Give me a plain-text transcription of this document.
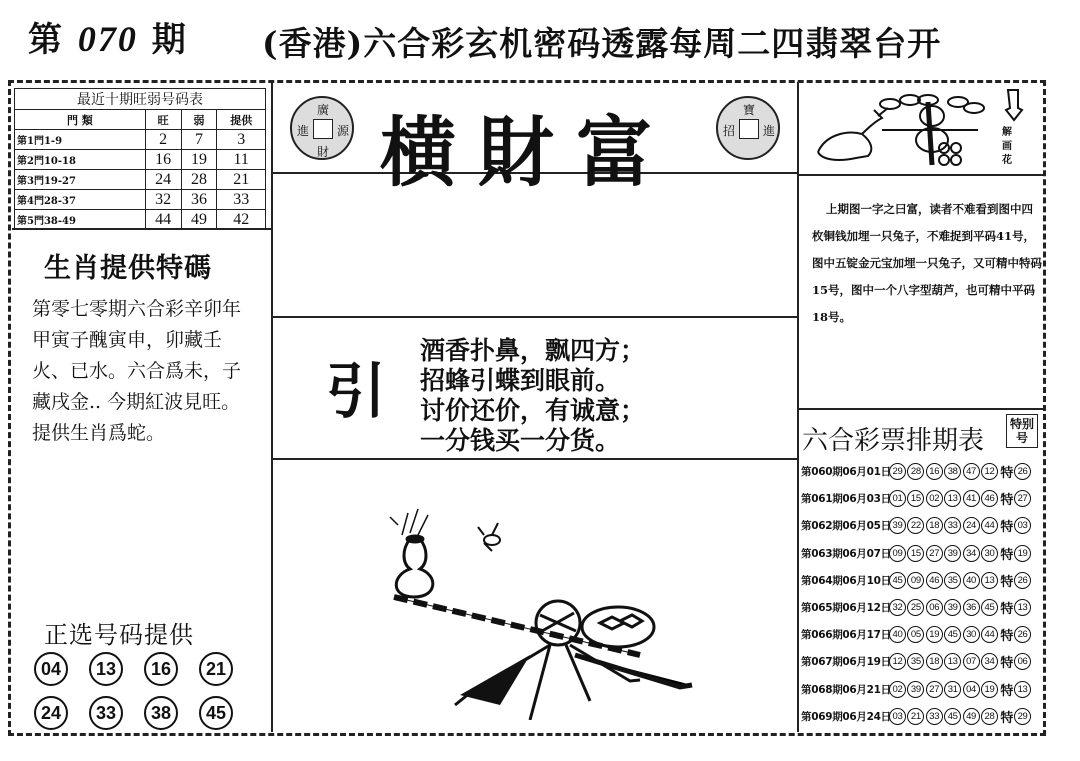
第 070 期 (香港)六合彩玄机密码透露每周二四翡翠台开
最近十期旺弱号码表			
門 類	旺	弱	提供
第1門1-9	2	7	3
第2門10-18	16	19	11
第3門19-27	24	28	21
第4門28-37	32	36	33
第5門38-49	44	49	42
生肖提供特碼
第零七零期六合彩辛卯年甲寅子醜寅申，卯藏壬火、已水。六合爲未，子藏戌金.. 今期紅波見旺。提供生肖爲蛇。
正选号码提供
04	13	16	21
24	33	38	45
廣
進 源
財 横財富	寶
招 進
引
酒香扑鼻，飘四方；
招蜂引蝶到眼前。
讨价还价，有诚意；
一分钱买一分货。
解画花
上期图一字之曰富，读者不难看到图中四枚铜钱加埋一只兔子，不难捉到平码41号，图中五锭金元宝加埋一只兔子，又可精中特码15号，图中一个八字型葫芦，也可精中平码18号。
六合彩票排期表
特别号
第060期06月01日 29 28 16 38 47 12 特 26
第061期06月03日 01 15 02 13 41 46 特 27
第062期06月05日 39 22 18 33 24 44 特 03
第063期06月07日 09 15 27 39 34 30 特 19
第064期06月10日 45 09 46 35 40 13 特 26
第065期06月12日 32 25 06 39 36 45 特 13
第066期06月17日 40 05 19 45 30 44 特 26
第067期06月19日 12 35 18 13 07 34 特 06
第068期06月21日 02 39 27 31 04 19 特 13
第069期06月24日 03 21 33 45 49 28 特 29
